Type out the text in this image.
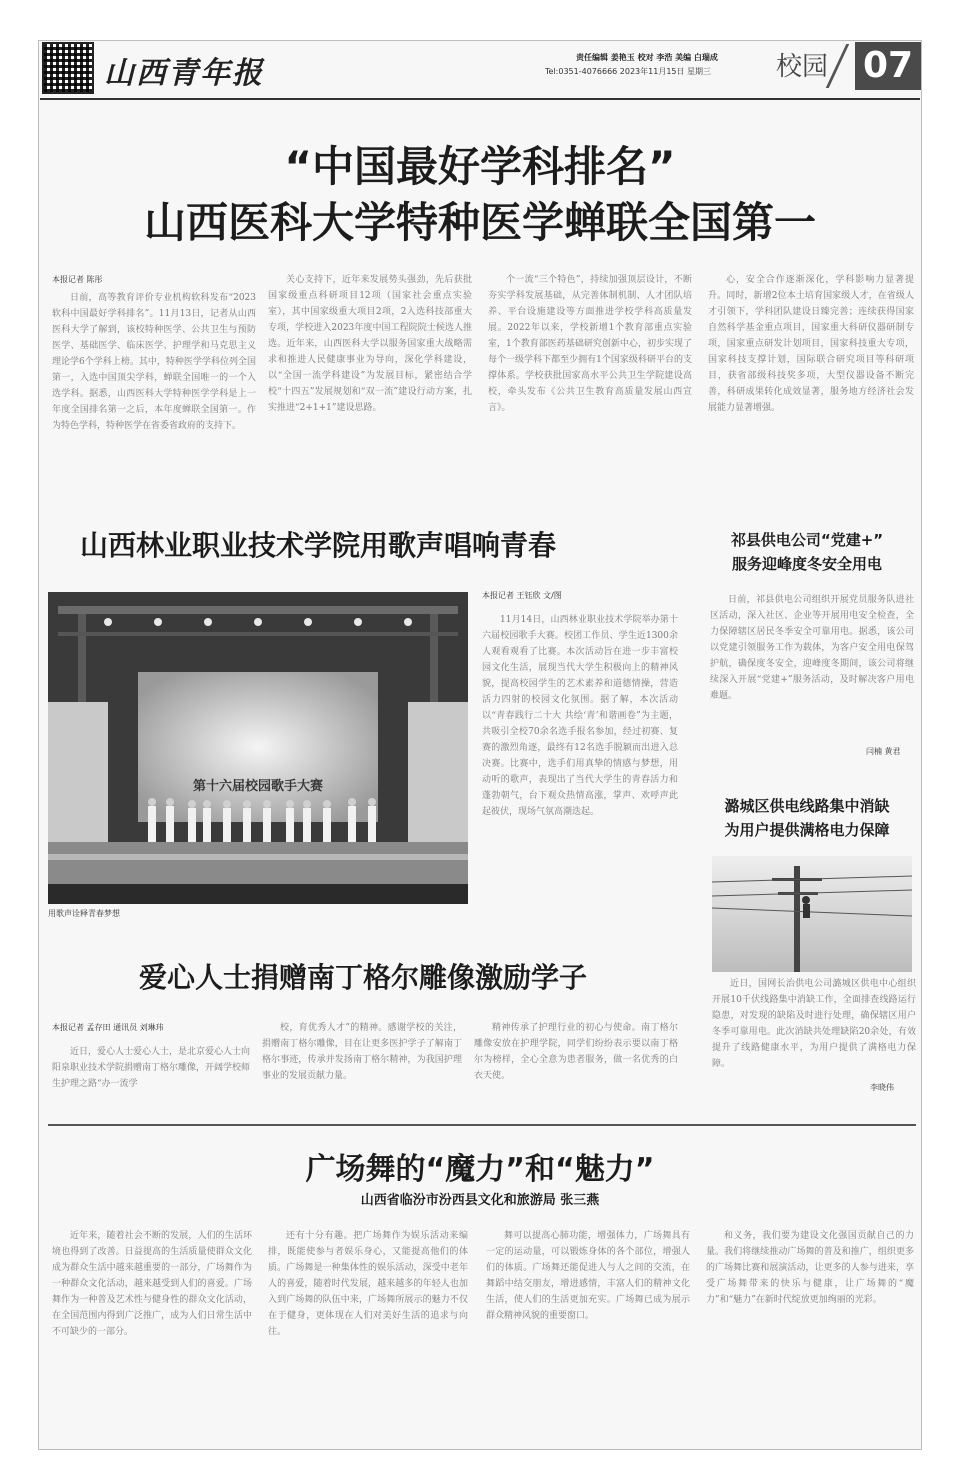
山西青年报	责任编辑 姜艳玉 校对 李浩 美编 白瑞成
Tel:0351-4076666 2023年11月15日 星期三 校园 07
“中国最好学科排名”
山西医科大学特种医学蝉联全国第一
本报记者 陈彤

日前，高等教育评价专业机构软科发布“2023软科中国最好学科排名”。11月13日，记者从山西医科大学了解到，该校特种医学、公共卫生与预防医学、基础医学、临床医学、护理学和马克思主义理论学6个学科上榜。其中，特种医学学科位列全国第一，入选中国顶尖学科，蝉联全国唯一的一个入选学科。据悉，山西医科大学特种医学学科是上一年度全国排名第一之后，本年度蝉联全国第一。作为特色学科，特种医学在省委省政府的支持下。

关心支持下，近年来发展势头强劲，先后获批国家级重点科研项目12项（国家社会重点实验室），其中国家级重大项目2项，2入选科技部重大专项，学校进入2023年度中国工程院院士候选人推选。近年来，山西医科大学以服务国家重大战略需求和推进人民健康事业为导向，深化学科建设，以“全国一流学科建设”为发展目标，紧密结合学校“十四五”发展规划和“双一流”建设行动方案，扎实推进“2+1+1”建设思路。

个一流“三个特色”，持续加强顶层设计，不断夯实学科发展基础，从完善体制机制、人才团队培养、平台设施建设等方面推进学校学科高质量发展。2022年以来，学校新增1个教育部重点实验室，1个教育部医药基础研究创新中心，初步实现了每个一级学科下都至少拥有1个国家级科研平台的支撑体系。学校获批国家高水平公共卫生学院建设高校，牵头发布《公共卫生教育高质量发展山西宣言》。

心，安全合作逐渐深化，学科影响力显著提升。同时，新增2位本土培育国家级人才，在省级人才引领下，学科团队建设日臻完善；连续获得国家自然科学基金重点项目，国家重大科研仪器研制专项，国家重点研发计划项目，国家科技重大专项，国家科技支撑计划，国际联合研究项目等科研项目，获省部级科技奖多项，大型仪器设备不断完善，科研成果转化成效显著，服务地方经济社会发展能力显著增强。

山西林业职业技术学院用歌声唱响青春
第十六届校园歌手大赛
用歌声诠释青春梦想
本报记者 王钰欣 文/图

11月14日，山西林业职业技术学院举办第十六届校园歌手大赛。校团工作员、学生近1300余人观看观看了比赛。本次活动旨在进一步丰富校园文化生活，展现当代大学生积极向上的精神风貌，提高校园学生的艺术素养和道德情操，营造活力四射的校园文化氛围。据了解，本次活动以“青春践行二十大 共绘‘青’和谐画卷”为主题，共吸引全校70余名选手报名参加，经过初赛、复赛的激烈角逐，最终有12名选手脱颖而出进入总决赛。比赛中，选手们用真挚的情感与梦想，用动听的歌声，表现出了当代大学生的青春活力和蓬勃朝气，台下观众热情高涨，掌声、欢呼声此起彼伏，现场气氛高潮迭起。

祁县供电公司“党建+”
服务迎峰度冬安全用电

日前，祁县供电公司组织开展党员服务队进社区活动，深入社区、企业等开展用电安全检查，全力保障辖区居民冬季安全可靠用电。据悉，该公司以党建引领服务工作为载体，为客户安全用电保驾护航，确保度冬安全，迎峰度冬期间，该公司将继续深入开展“党建+”服务活动，及时解决客户用电难题。

闫楠 黄君
潞城区供电线路集中消缺
为用户提供满格电力保障

近日，国网长治供电公司潞城区供电中心组织开展10千伏线路集中消缺工作，全面排查线路运行隐患，对发现的缺陷及时进行处理，确保辖区用户冬季可靠用电。此次消缺共处理缺陷20余处，有效提升了线路健康水平，为用户提供了满格电力保障。

李晓伟
爱心人士捐赠南丁格尔雕像激励学子
本报记者 孟存田 通讯员 刘琳玮

近日，爱心人士爱心人士，是北京爱心人士向阳泉职业技术学院捐赠南丁格尔雕像，开阔学校师生护理之路“办一流学

校，育优秀人才”的精神。感谢学校的关注，捐赠南丁格尔雕像，目在让更多医护学子了解南丁格尔事迹，传承并发扬南丁格尔精神，为我国护理事业的发展贡献力量。

精神传承了护理行业的初心与使命。南丁格尔雕像安放在护理学院，同学们纷纷表示要以南丁格尔为榜样，全心全意为患者服务，做一名优秀的白衣天使。

广场舞的“魔力”和“魅力”
山西省临汾市汾西县文化和旅游局 张三燕

近年来，随着社会不断的发展，人们的生活环境也得到了改善。日益提高的生活质量使群众文化成为群众生活中越来越重要的一部分，广场舞作为一种群众文化活动，越来越受到人们的喜爱。广场舞作为一种普及艺术性与健身性的群众文化活动，在全国范围内得到广泛推广，成为人们日常生活中不可缺少的一部分。

还有十分有趣。把广场舞作为娱乐活动来编排，既能使参与者娱乐身心，又能提高他们的体质。广场舞是一种集体性的娱乐活动，深受中老年人的喜爱，随着时代发展，越来越多的年轻人也加入到广场舞的队伍中来，广场舞所展示的魅力不仅在于健身，更体现在人们对美好生活的追求与向往。

舞可以提高心肺功能，增强体力，广场舞具有一定的运动量，可以锻炼身体的各个部位，增强人们的体质。广场舞还能促进人与人之间的交流，在舞蹈中结交朋友，增进感情，丰富人们的精神文化生活，使人们的生活更加充实。广场舞已成为展示群众精神风貌的重要窗口。

和义务，我们要为建设文化强国贡献自己的力量。我们将继续推动广场舞的普及和推广，组织更多的广场舞比赛和展演活动，让更多的人参与进来，享受广场舞带来的快乐与健康，让广场舞的“魔力”和“魅力”在新时代绽放更加绚丽的光彩。
